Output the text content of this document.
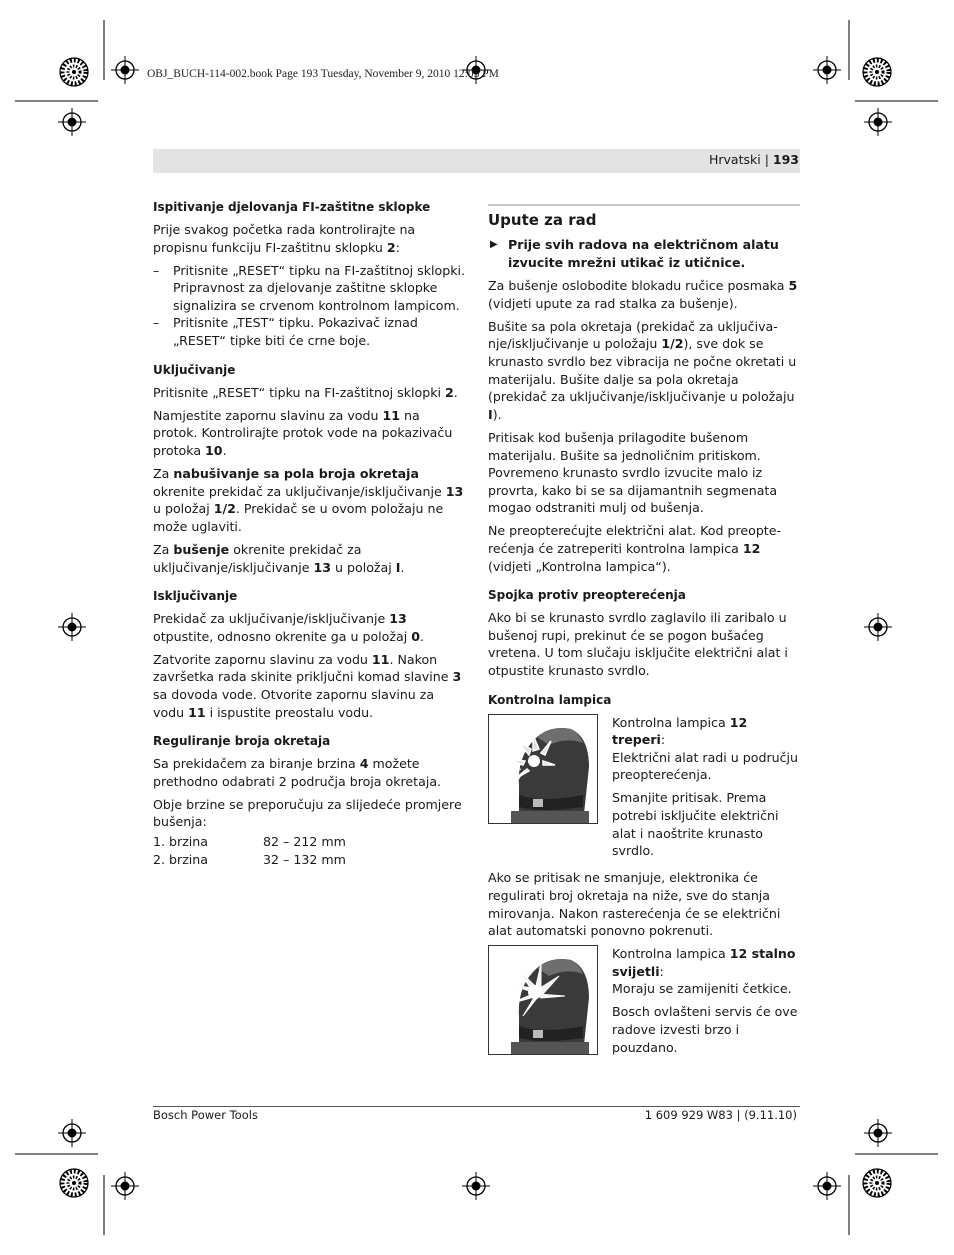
OBJ_BUCH-114-002.book Page 193 Tuesday, November 9, 2010 12:05 PM
Hrvatski | 193
Ispitivanje djelovanja FI-zaštitne sklopke

Prije svakog početka rada kontrolirajte na propisnu funkciju FI-zaštitnu sklopku 2:

– Pritisnite „RESET“ tipku na FI-zaštitnoj sklopki. Pripravnost za djelovanje zaštitne sklopke signalizira se crvenom kontrolnom lampicom.
– Pritisnite „TEST“ tipku. Pokazivač iznad „RESET“ tipke biti će crne boje.
Uključivanje

Pritisnite „RESET“ tipku na FI-zaštitnoj sklopki 2.

Namjestite zapornu slavinu za vodu 11 na protok. Kontrolirajte protok vode na pokazivaču protoka 10.

Za nabušivanje sa pola broja okretaja okrenite prekidač za uključivanje/isključivanje 13 u položaj 1/2. Prekidač se u ovom položaju ne može uglaviti.

Za bušenje okrenite prekidač za uključivanje/isključivanje 13 u položaj I.

Isključivanje

Prekidač za uključivanje/isključivanje 13 otpustite, odnosno okrenite ga u položaj 0.

Zatvorite zapornu slavinu za vodu 11. Nakon završetka rada skinite priključni komad slavine 3 sa dovoda vode. Otvorite zapornu slavinu za vodu 11 i ispustite preostalu vodu.

Reguliranje broja okretaja

Sa prekidačem za biranje brzina 4 možete prethodno odabrati 2 područja broja okretaja.

Obje brzine se preporučuju za slijedeće promjere bušenja:

1. brzina	82 – 212 mm
2. brzina	32 – 132 mm
Upute za rad
▶ Prije svih radova na električnom alatu izvucite mrežni utikač iz utičnice.

Za bušenje oslobodite blokadu ručice posmaka 5 (vidjeti upute za rad stalka za bušenje).

Bušite sa pola okretaja (prekidač za uključiva-nje/isključivanje u položaju 1/2), sve dok se krunasto svrdlo bez vibracija ne počne okretati u materijalu. Bušite dalje sa pola okretaja (prekidač za uključivanje/isključivanje u položaju I).

Pritisak kod bušenja prilagodite bušenom materijalu. Bušite sa jednoličnim pritiskom. Povremeno krunasto svrdlo izvucite malo iz provrta, kako bi se sa dijamantnih segmenata mogao odstraniti mulj od bušenja.

Ne preopterećujte električni alat. Kod preopte-rećenja će zatreperiti kontrolna lampica 12 (vidjeti „Kontrolna lampica“).

Spojka protiv preopterećenja

Ako bi se krunasto svrdlo zaglavilo ili zaribalo u bušenoj rupi, prekinut će se pogon bušaćeg vretena. U tom slučaju isključite električni alat i otpustite krunasto svrdlo.

Kontrolna lampica

Kontrolna lampica 12 treperi:

Električni alat radi u području preopterećenja.

Smanjite pritisak. Prema potrebi isključite električni alat i naoštrite krunasto svrdlo.

Ako se pritisak ne smanjuje, elektronika će regulirati broj okretaja na niže, sve do stanja mirovanja. Nakon rasterećenja će se električni alat automatski ponovno pokrenuti.

Kontrolna lampica 12 stalno svijetli:

Moraju se zamijeniti četkice.

Bosch ovlašteni servis će ove radove izvesti brzo i pouzdano.

Bosch Power Tools	1 609 929 W83 | (9.11.10)
